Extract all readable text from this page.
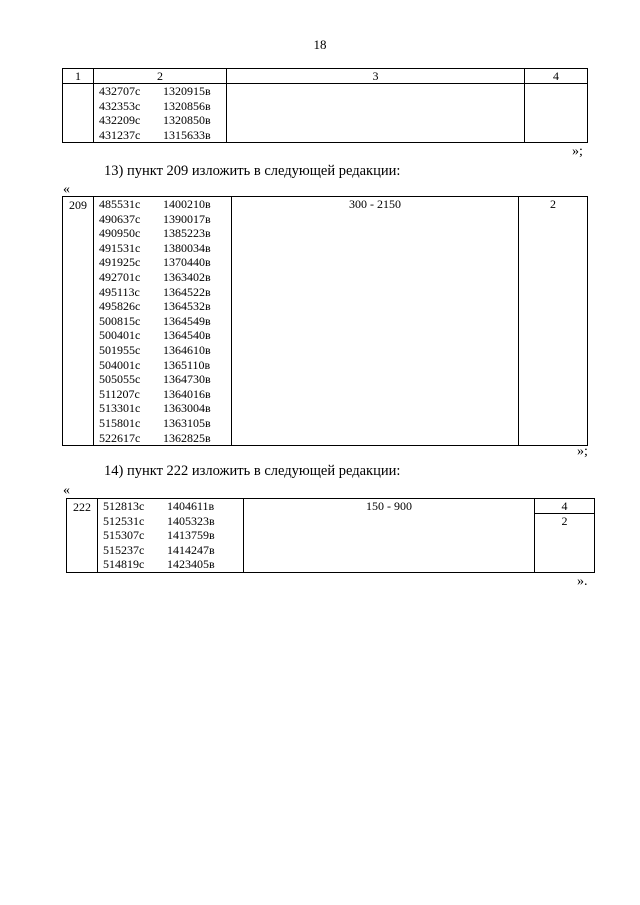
18
1	2	3	4

	432707с 1320915в
432353с 1320856в
432209с 1320850в
431237с 1315633в		

»;
13) пункт 209 изложить в следующей редакции:
«
209	485531с 1400210в
490637с 1390017в
490950с 1385223в
491531с 1380034в
491925с 1370440в
492701с 1363402в
495113с 1364522в
495826с 1364532в
500815с 1364549в
500401с 1364540в
501955с 1364610в
504001с 1365110в
505055с 1364730в
511207с 1364016в
513301с 1363004в
515801с 1363105в
522617с 1362825в
	300 - 2150	2
»;
14) пункт 222 изложить в следующей редакции:
«
222	512813с 1404611в
512531с 1405323в
515307с 1413759в
515237с 1414247в
514819с 1423405в
	150 - 900	4
2
».
